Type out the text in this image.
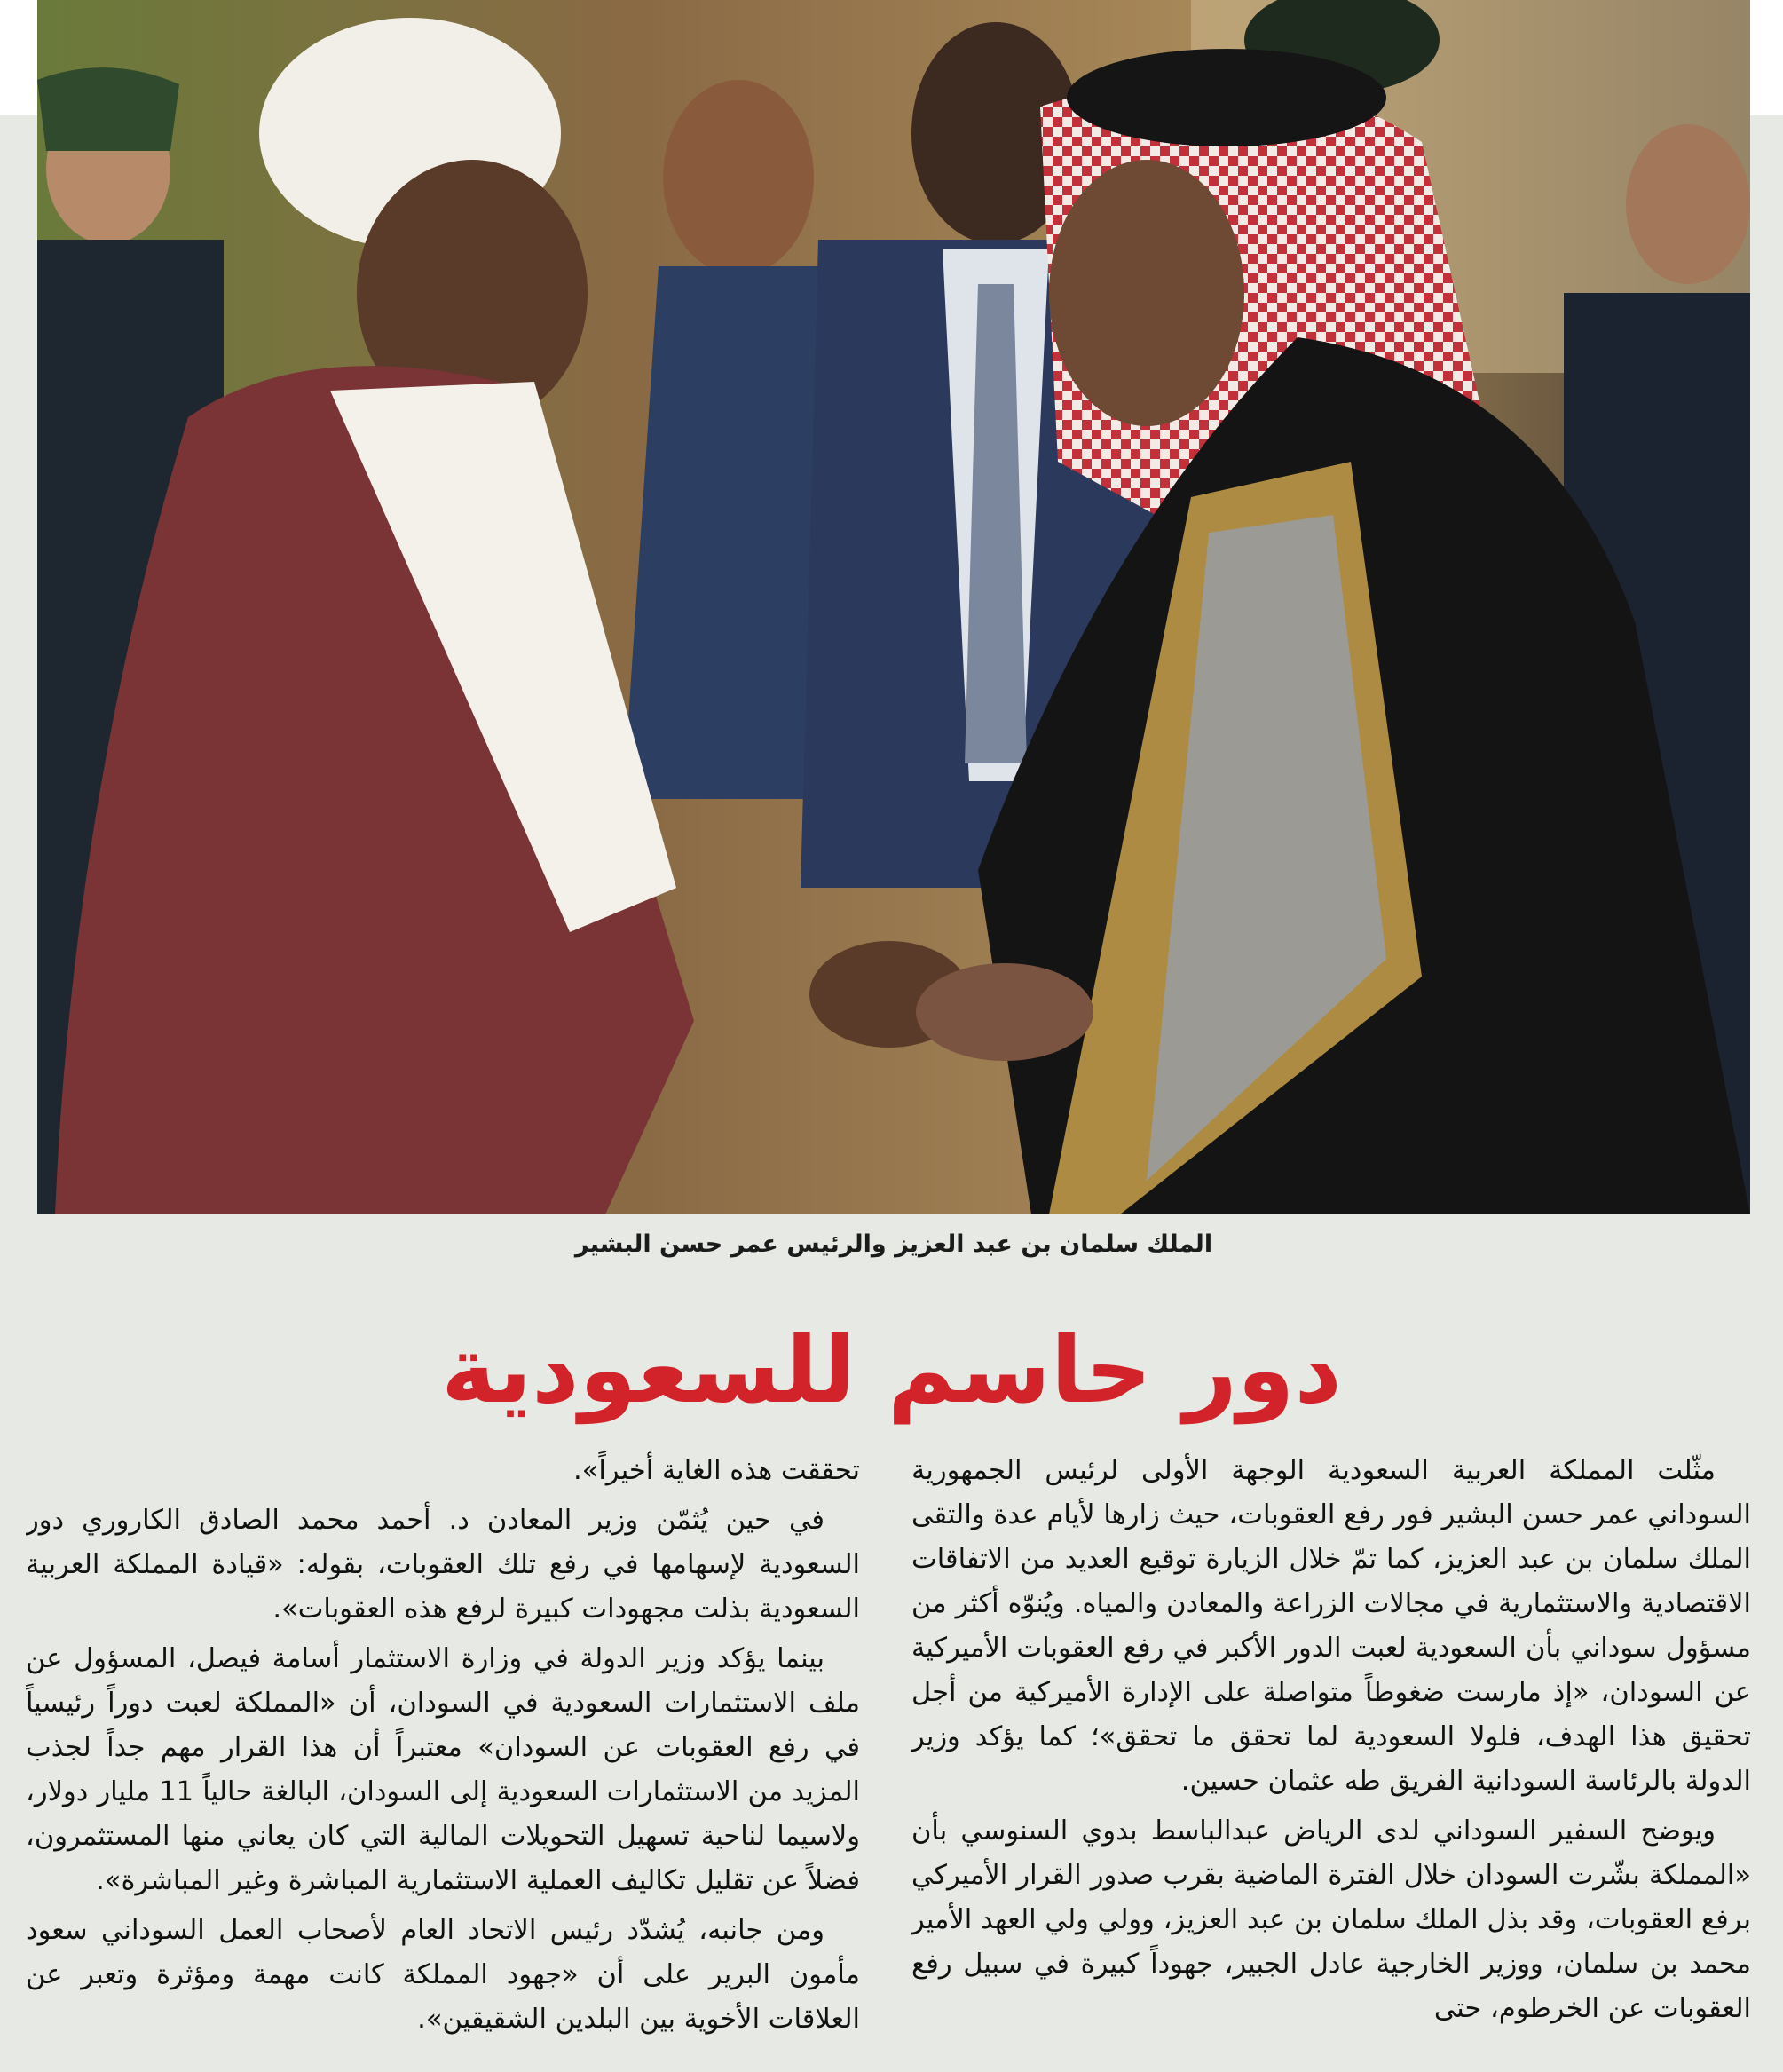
الملك سلمان بن عبد العزيز والرئيس عمر حسن البشير
دور حاسم للسعودية

مثّلت المملكة العربية السعودية الوجهة الأولى لرئيس الجمهورية السوداني عمر حسن البشير فور رفع العقوبات، حيث زارها لأيام عدة والتقى الملك سلمان بن عبد العزيز، كما تمّ خلال الزيارة توقيع العديد من الاتفاقات الاقتصادية والاستثمارية في مجالات الزراعة والمعادن والمياه. ويُنوّه أكثر من مسؤول سوداني بأن السعودية لعبت الدور الأكبر في رفع العقوبات الأميركية عن السودان، «إذ مارست ضغوطاً متواصلة على الإدارة الأميركية من أجل تحقيق هذا الهدف، فلولا السعودية لما تحقق ما تحقق»؛ كما يؤكد وزير الدولة بالرئاسة السودانية الفريق طه عثمان حسين.

ويوضح السفير السوداني لدى الرياض عبدالباسط بدوي السنوسي بأن «المملكة بشّرت السودان خلال الفترة الماضية بقرب صدور القرار الأميركي برفع العقوبات، وقد بذل الملك سلمان بن عبد العزيز، وولي ولي العهد الأمير محمد بن سلمان، ووزير الخارجية عادل الجبير، جهوداً كبيرة في سبيل رفع العقوبات عن الخرطوم، حتى

تحققت هذه الغاية أخيراً».

في حين يُثمّن وزير المعادن د. أحمد محمد الصادق الكاروري دور السعودية لإسهامها في رفع تلك العقوبات، بقوله: «قيادة المملكة العربية السعودية بذلت مجهودات كبيرة لرفع هذه العقوبات».

بينما يؤكد وزير الدولة في وزارة الاستثمار أسامة فيصل، المسؤول عن ملف الاستثمارات السعودية في السودان، أن «المملكة لعبت دوراً رئيسياً في رفع العقوبات عن السودان» معتبراً أن هذا القرار مهم جداً لجذب المزيد من الاستثمارات السعودية إلى السودان، البالغة حالياً 11 مليار دولار، ولاسيما لناحية تسهيل التحويلات المالية التي كان يعاني منها المستثمرون، فضلاً عن تقليل تكاليف العملية الاستثمارية المباشرة وغير المباشرة».

ومن جانبه، يُشدّد رئيس الاتحاد العام لأصحاب العمل السوداني سعود مأمون البرير على أن «جهود المملكة كانت مهمة ومؤثرة وتعبر عن العلاقات الأخوية بين البلدين الشقيقين».
